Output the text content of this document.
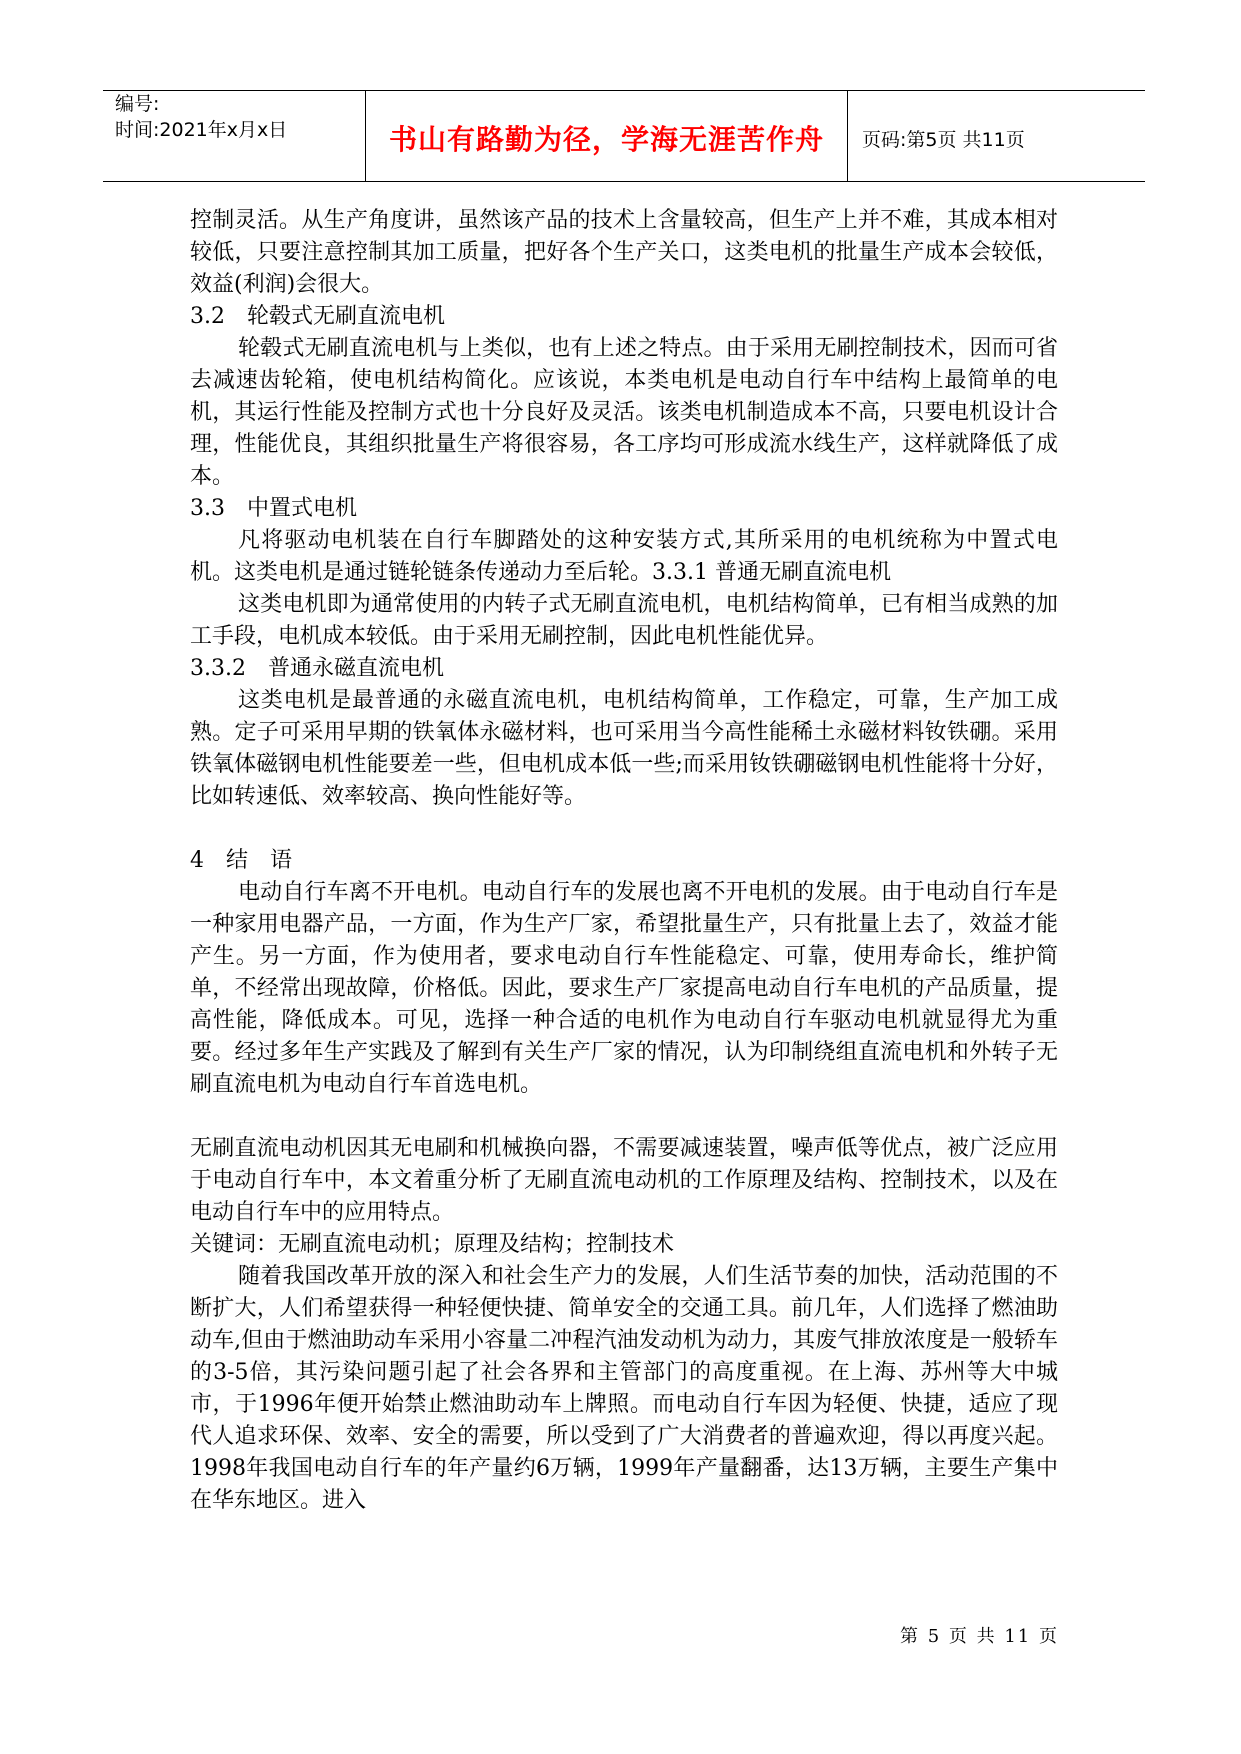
编号:
时间:2021年x月x日	书山有路勤为径，学海无涯苦作舟	页码:第5页 共11页

控制灵活。从生产角度讲，虽然该产品的技术上含量较高，但生产上并不难，其成本相对较低，只要注意控制其加工质量，把好各个生产关口，这类电机的批量生产成本会较低，效益(利润)会很大。

3.2　轮毂式无刷直流电机

轮毂式无刷直流电机与上类似，也有上述之特点。由于采用无刷控制技术，因而可省去减速齿轮箱，使电机结构简化。应该说，本类电机是电动自行车中结构上最简单的电机，其运行性能及控制方式也十分良好及灵活。该类电机制造成本不高，只要电机设计合理，性能优良，其组织批量生产将很容易，各工序均可形成流水线生产，这样就降低了成本。

3.3　中置式电机

凡将驱动电机装在自行车脚踏处的这种安装方式,其所采用的电机统称为中置式电机。这类电机是通过链轮链条传递动力至后轮。3.3.1 普通无刷直流电机

这类电机即为通常使用的内转子式无刷直流电机，电机结构简单，已有相当成熟的加工手段，电机成本较低。由于采用无刷控制，因此电机性能优异。

3.3.2　普通永磁直流电机

这类电机是最普通的永磁直流电机，电机结构简单，工作稳定，可靠，生产加工成熟。定子可采用早期的铁氧体永磁材料，也可采用当今高性能稀土永磁材料钕铁硼。采用铁氧体磁钢电机性能要差一些，但电机成本低一些;而采用钕铁硼磁钢电机性能将十分好，比如转速低、效率较高、换向性能好等。

4　结　语

电动自行车离不开电机。电动自行车的发展也离不开电机的发展。由于电动自行车是一种家用电器产品，一方面，作为生产厂家，希望批量生产，只有批量上去了，效益才能产生。另一方面，作为使用者，要求电动自行车性能稳定、可靠，使用寿命长，维护简单，不经常出现故障，价格低。因此，要求生产厂家提高电动自行车电机的产品质量，提高性能，降低成本。可见，选择一种合适的电机作为电动自行车驱动电机就显得尤为重要。经过多年生产实践及了解到有关生产厂家的情况，认为印制绕组直流电机和外转子无刷直流电机为电动自行车首选电机。

无刷直流电动机因其无电刷和机械换向器，不需要减速装置，噪声低等优点，被广泛应用于电动自行车中，本文着重分析了无刷直流电动机的工作原理及结构、控制技术，以及在电动自行车中的应用特点。

关键词：无刷直流电动机；原理及结构；控制技术

随着我国改革开放的深入和社会生产力的发展，人们生活节奏的加快，活动范围的不断扩大，人们希望获得一种轻便快捷、简单安全的交通工具。前几年，人们选择了燃油助动车,但由于燃油助动车采用小容量二冲程汽油发动机为动力，其废气排放浓度是一般轿车的3-5倍，其污染问题引起了社会各界和主管部门的高度重视。在上海、苏州等大中城市，于1996年便开始禁止燃油助动车上牌照。而电动自行车因为轻便、快捷，适应了现代人追求环保、效率、安全的需要，所以受到了广大消费者的普遍欢迎，得以再度兴起。1998年我国电动自行车的年产量约6万辆，1999年产量翻番，达13万辆，主要生产集中在华东地区。进入

第 5 页 共 11 页
